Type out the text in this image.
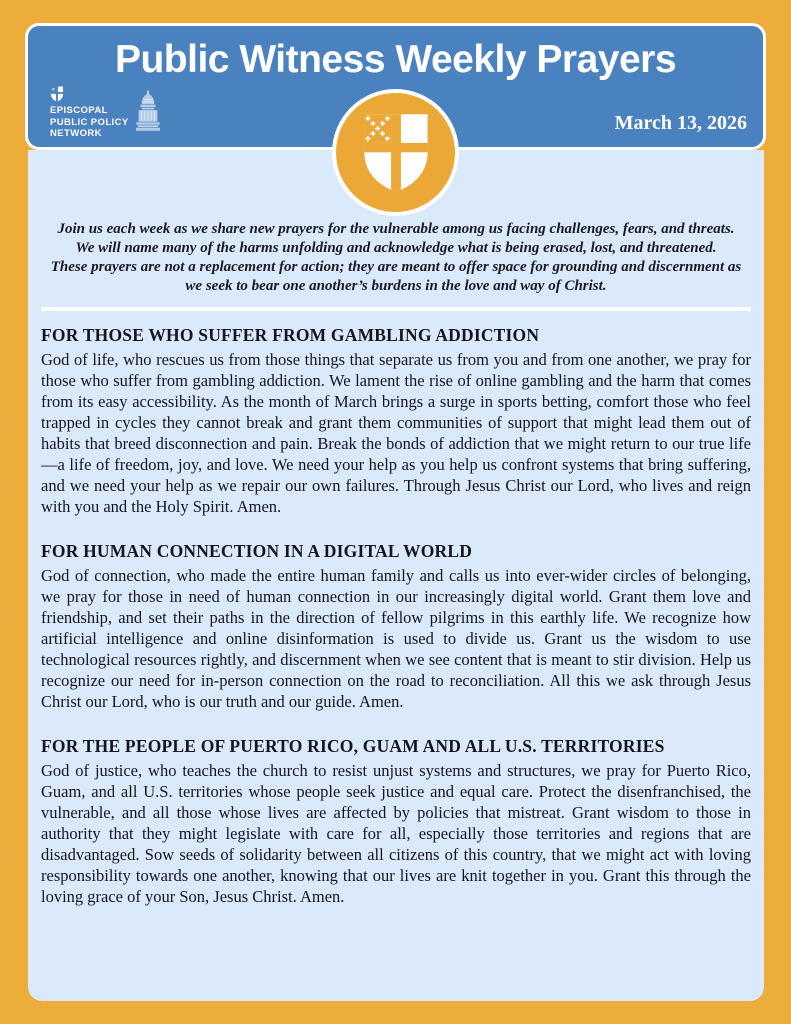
Public Witness Weekly Prayers
EPISCOPAL
PUBLIC POLICY
NETWORK	March 13, 2026
Join us each week as we share new prayers for the vulnerable among us facing challenges, fears, and threats. We will name many of the harms unfolding and acknowledge what is being erased, lost, and threatened.
These prayers are not a replacement for action; they are meant to offer space for grounding and discernment as we seek to bear one another’s burdens in the love and way of Christ.
FOR THOSE WHO SUFFER FROM GAMBLING ADDICTION

God of life, who rescues us from those things that separate us from you and from one another, we pray for those who suffer from gambling addiction. We lament the rise of online gambling and the harm that comes from its easy accessibility. As the month of March brings a surge in sports betting, comfort those who feel trapped in cycles they cannot break and grant them communities of support that might lead them out of habits that breed disconnection and pain. Break the bonds of addiction that we might return to our true life—a life of freedom, joy, and love. We need your help as you help us confront systems that bring suffering, and we need your help as we repair our own failures. Through Jesus Christ our Lord, who lives and reign with you and the Holy Spirit. Amen.

FOR HUMAN CONNECTION IN A DIGITAL WORLD

God of connection, who made the entire human family and calls us into ever-wider circles of belonging, we pray for those in need of human connection in our increasingly digital world. Grant them love and friendship, and set their paths in the direction of fellow pilgrims in this earthly life. We recognize how artificial intelligence and online disinformation is used to divide us. Grant us the wisdom to use technological resources rightly, and discernment when we see content that is meant to stir division. Help us recognize our need for in-person connection on the road to reconciliation. All this we ask through Jesus Christ our Lord, who is our truth and our guide. Amen.

FOR THE PEOPLE OF PUERTO RICO, GUAM AND ALL U.S. TERRITORIES

God of justice, who teaches the church to resist unjust systems and structures, we pray for Puerto Rico, Guam, and all U.S. territories whose people seek justice and equal care. Protect the disenfranchised, the vulnerable, and all those whose lives are affected by policies that mistreat. Grant wisdom to those in authority that they might legislate with care for all, especially those territories and regions that are disadvantaged. Sow seeds of solidarity between all citizens of this country, that we might act with loving responsibility towards one another, knowing that our lives are knit together in you. Grant this through the loving grace of your Son, Jesus Christ. Amen.
